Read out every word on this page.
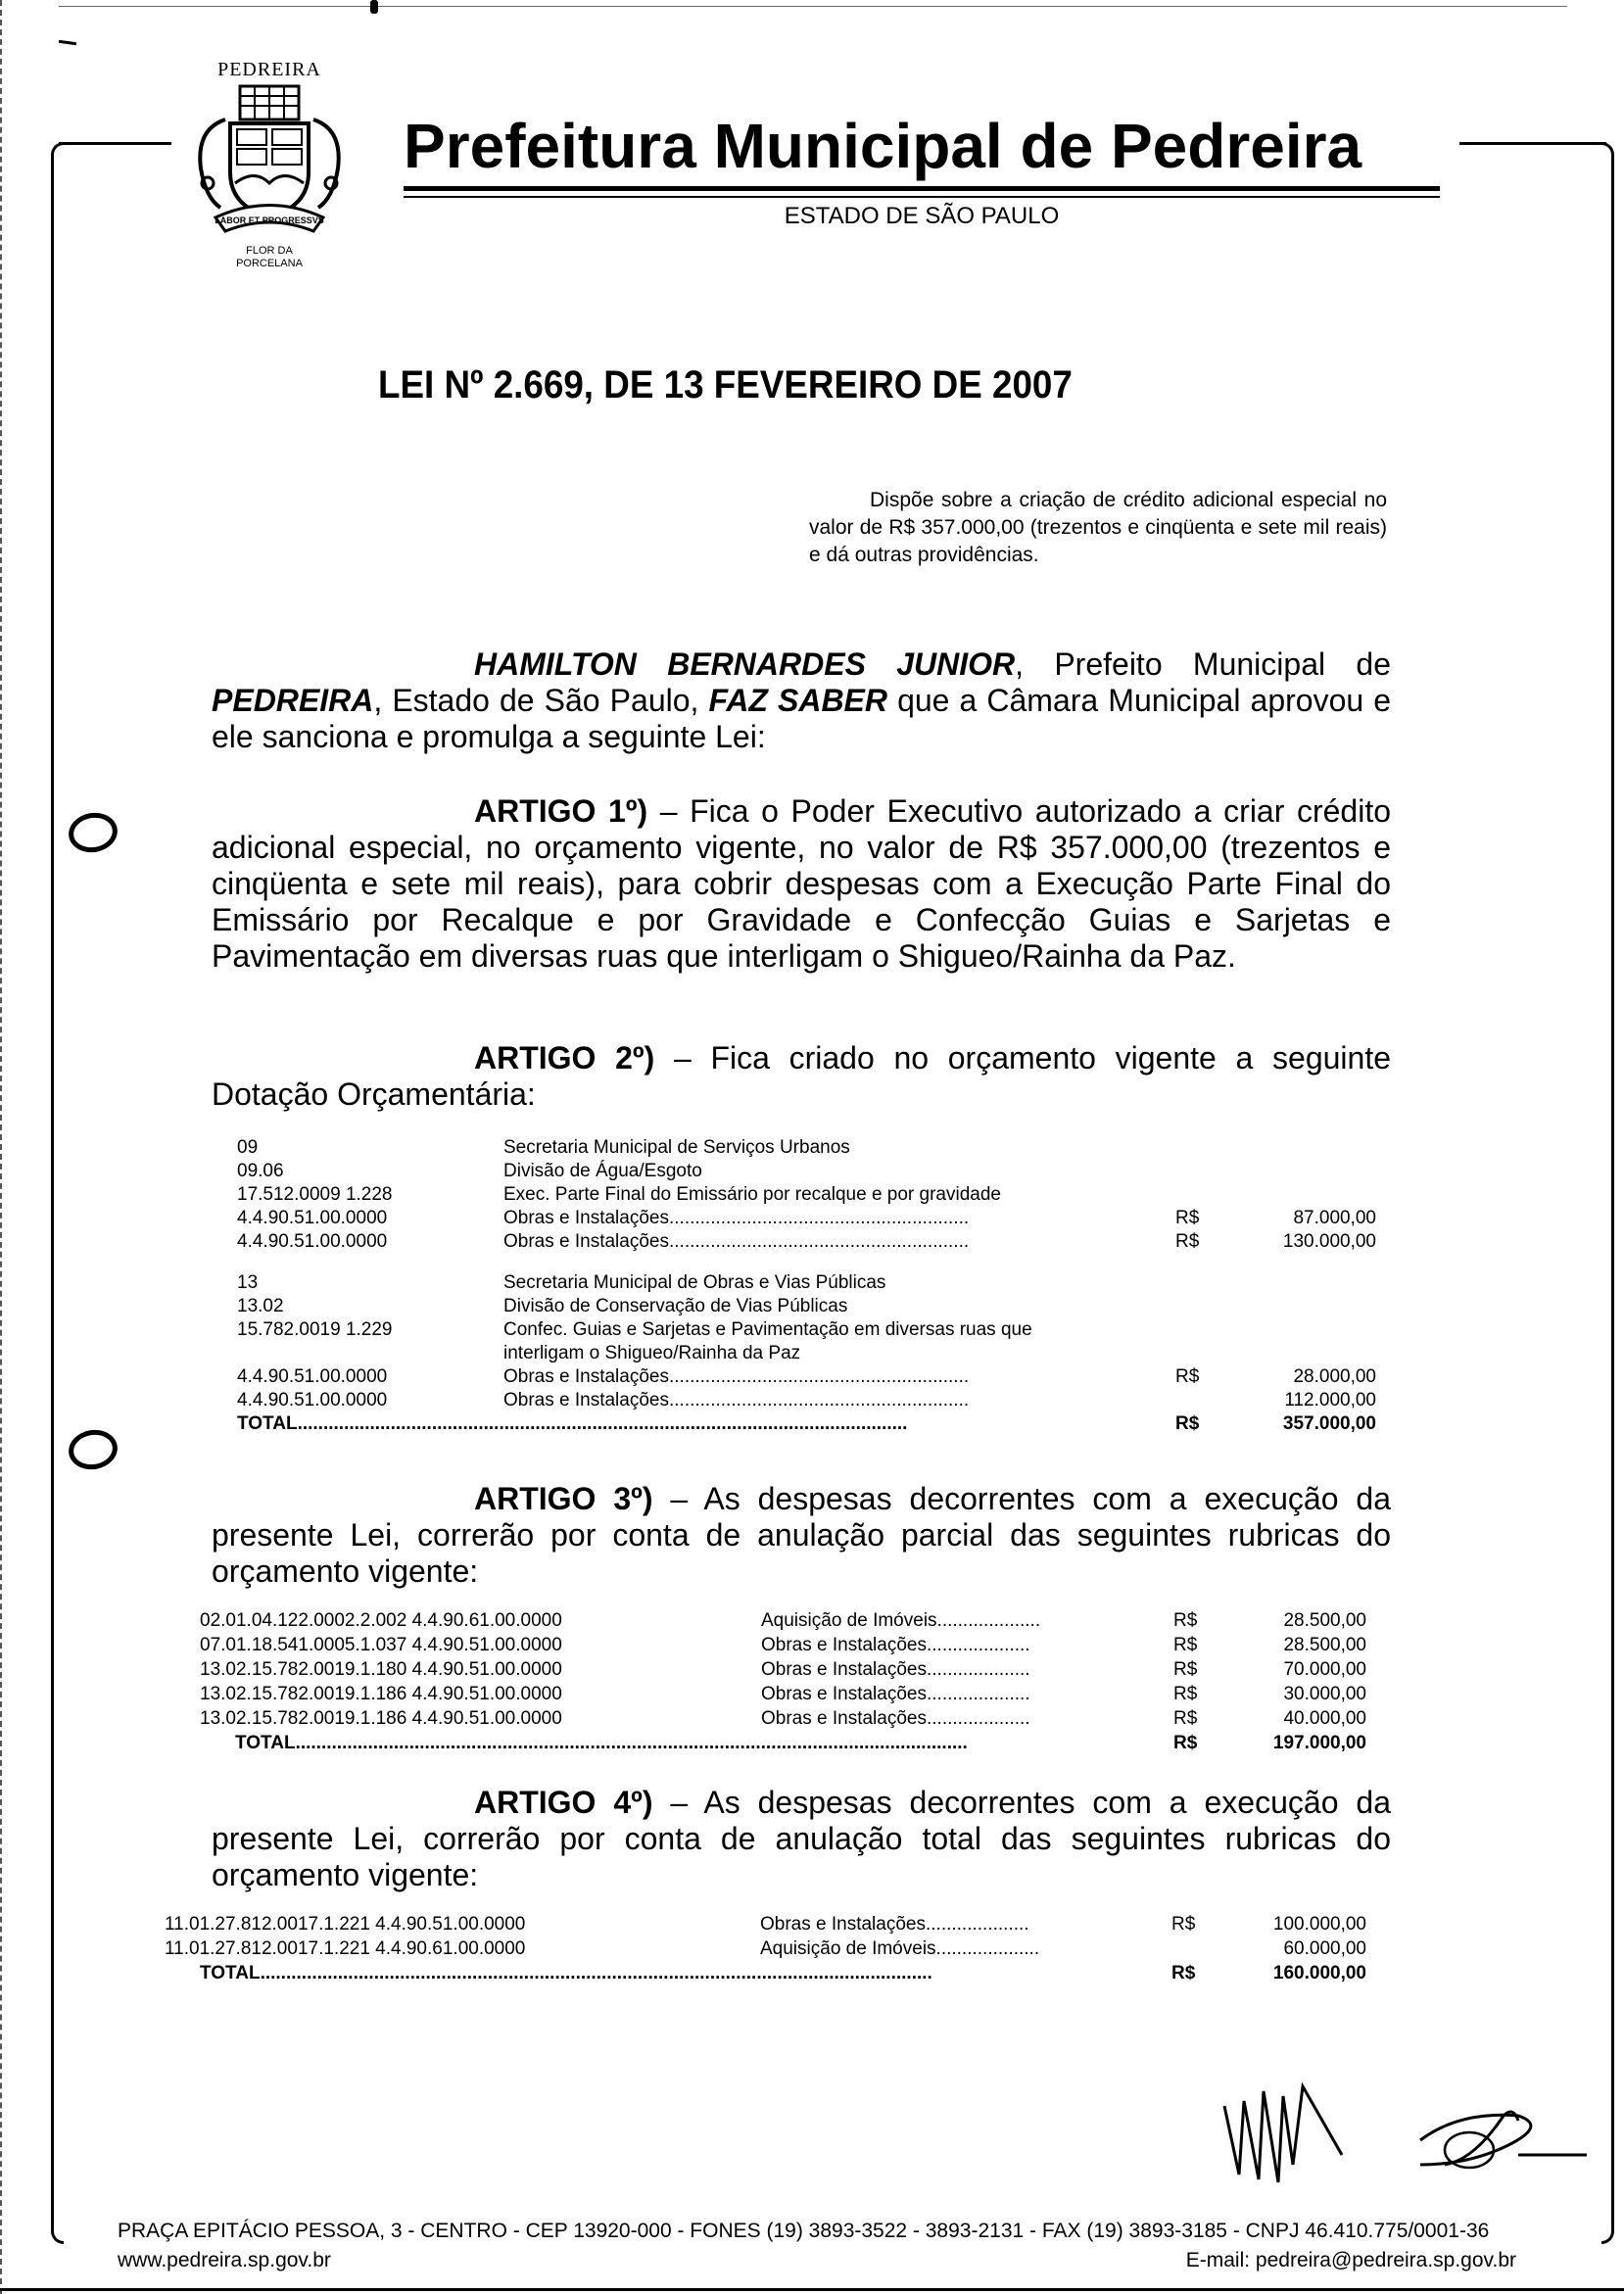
PEDREIRA
LABOR ET PROGRESSVS
FLOR DA
PORCELANA
Prefeitura Municipal de Pedreira
ESTADO DE SÃO PAULO
LEI Nº 2.669, DE 13 FEVEREIRO DE 2007
Dispõe sobre a criação de crédito adicional especial no valor de R$ 357.000,00 (trezentos e cinqüenta e sete mil reais) e dá outras providências.
HAMILTON BERNARDES JUNIOR, Prefeito Municipal de PEDREIRA, Estado de São Paulo, FAZ SABER que a Câmara Municipal aprovou e ele sanciona e promulga a seguinte Lei:
ARTIGO 1º) – Fica o Poder Executivo autorizado a criar crédito adicional especial, no orçamento vigente, no valor de R$ 357.000,00 (trezentos e cinqüenta e sete mil reais), para cobrir despesas com a Execução Parte Final do Emissário por Recalque e por Gravidade e Confecção Guias e Sarjetas e Pavimentação em diversas ruas que interligam o Shigueo/Rainha da Paz.
ARTIGO 2º) – Fica criado no orçamento vigente a seguinte Dotação Orçamentária:
09	Secretaria Municipal de Serviços Urbanos
09.06	Divisão de Água/Esgoto
17.512.0009 1.228	Exec. Parte Final do Emissário por recalque e por gravidade
4.4.90.51.00.0000	Obras e Instalações..........................................................	R$	87.000,00
4.4.90.51.00.0000	Obras e Instalações..........................................................	R$	130.000,00
13	Secretaria Municipal de Obras e Vias Públicas
13.02	Divisão de Conservação de Vias Públicas
15.782.0019 1.229	Confec. Guias e Sarjetas e Pavimentação em diversas ruas que
interligam o Shigueo/Rainha da Paz
4.4.90.51.00.0000	Obras e Instalações..........................................................	R$	28.000,00
4.4.90.51.00.0000	Obras e Instalações..........................................................	112.000,00
TOTAL......................................................................................................................	R$	357.000,00
ARTIGO 3º) – As despesas decorrentes com a execução da presente Lei, correrão por conta de anulação parcial das seguintes rubricas do orçamento vigente:
02.01.04.122.0002.2.002 4.4.90.61.00.0000	Aquisição de Imóveis....................	R$	28.500,00
07.01.18.541.0005.1.037 4.4.90.51.00.0000	Obras e Instalações....................	R$	28.500,00
13.02.15.782.0019.1.180 4.4.90.51.00.0000	Obras e Instalações....................	R$	70.000,00
13.02.15.782.0019.1.186 4.4.90.51.00.0000	Obras e Instalações....................	R$	30.000,00
13.02.15.782.0019.1.186 4.4.90.51.00.0000	Obras e Instalações....................	R$	40.000,00
TOTAL..................................................................................................................................	R$	197.000,00
ARTIGO 4º) – As despesas decorrentes com a execução da presente Lei, correrão por conta de anulação total das seguintes rubricas do orçamento vigente:
11.01.27.812.0017.1.221 4.4.90.51.00.0000	Obras e Instalações....................	R$	100.000,00
11.01.27.812.0017.1.221 4.4.90.61.00.0000	Aquisição de Imóveis....................	60.000,00
TOTAL..................................................................................................................................	R$	160.000,00
PRAÇA EPITÁCIO PESSOA, 3 - CENTRO - CEP 13920-000 - FONES (19) 3893-3522 - 3893-2131 - FAX (19) 3893-3185 - CNPJ 46.410.775/0001-36
www.pedreira.sp.gov.br	E-mail: pedreira@pedreira.sp.gov.br
